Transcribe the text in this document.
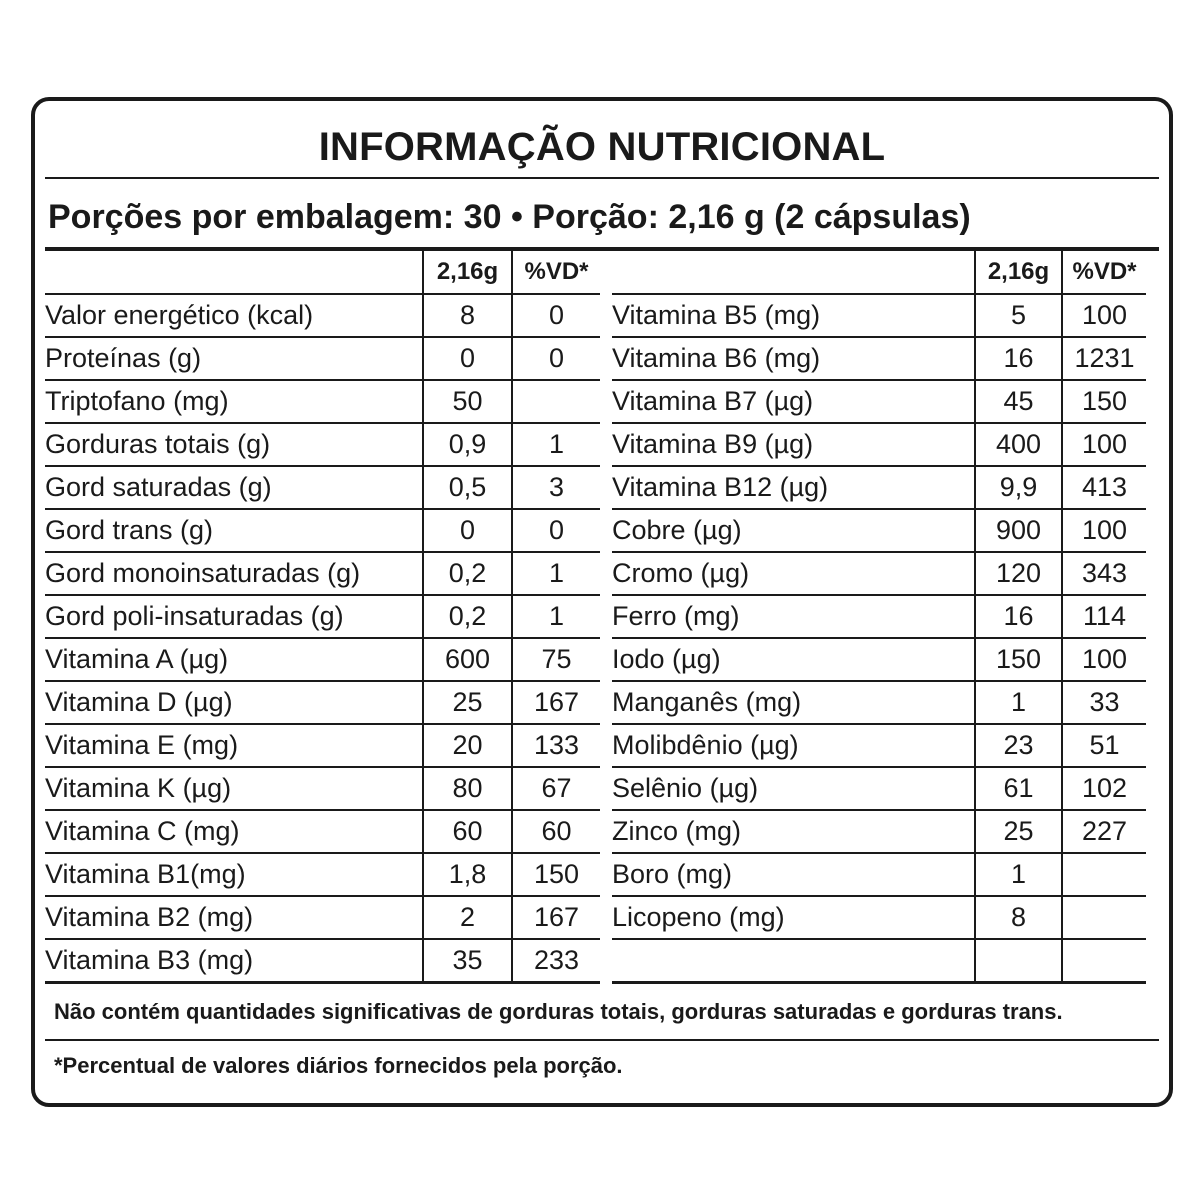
INFORMAÇÃO NUTRICIONAL
Porções por embalagem: 30 • Porção: 2,16 g (2 cápsulas)
	2,16g	%VD*
Valor energético (kcal)	8	0
Proteínas (g)	0	0
Triptofano (mg)	50	
Gorduras totais (g)	0,9	1
Gord saturadas (g)	0,5	3
Gord trans (g)	0	0
Gord monoinsaturadas (g)	0,2	1
Gord poli-insaturadas (g)	0,2	1
Vitamina A (µg)	600	75
Vitamina D (µg)	25	167
Vitamina E (mg)	20	133
Vitamina K (µg)	80	67
Vitamina C (mg)	60	60
Vitamina B1(mg)	1,8	150
Vitamina B2 (mg)	2	167
Vitamina B3 (mg)	35	233
	2,16g	%VD*
Vitamina B5 (mg)	5	100
Vitamina B6 (mg)	16	1231
Vitamina B7 (µg)	45	150
Vitamina B9 (µg)	400	100
Vitamina B12 (µg)	9,9	413
Cobre (µg)	900	100
Cromo (µg)	120	343
Ferro (mg)	16	114
Iodo (µg)	150	100
Manganês (mg)	1	33
Molibdênio (µg)	23	51
Selênio (µg)	61	102
Zinco (mg)	25	227
Boro (mg)	1	
Licopeno (mg)	8	

Não contém quantidades significativas de gorduras totais, gorduras saturadas e gorduras trans.
*Percentual de valores diários fornecidos pela porção.
